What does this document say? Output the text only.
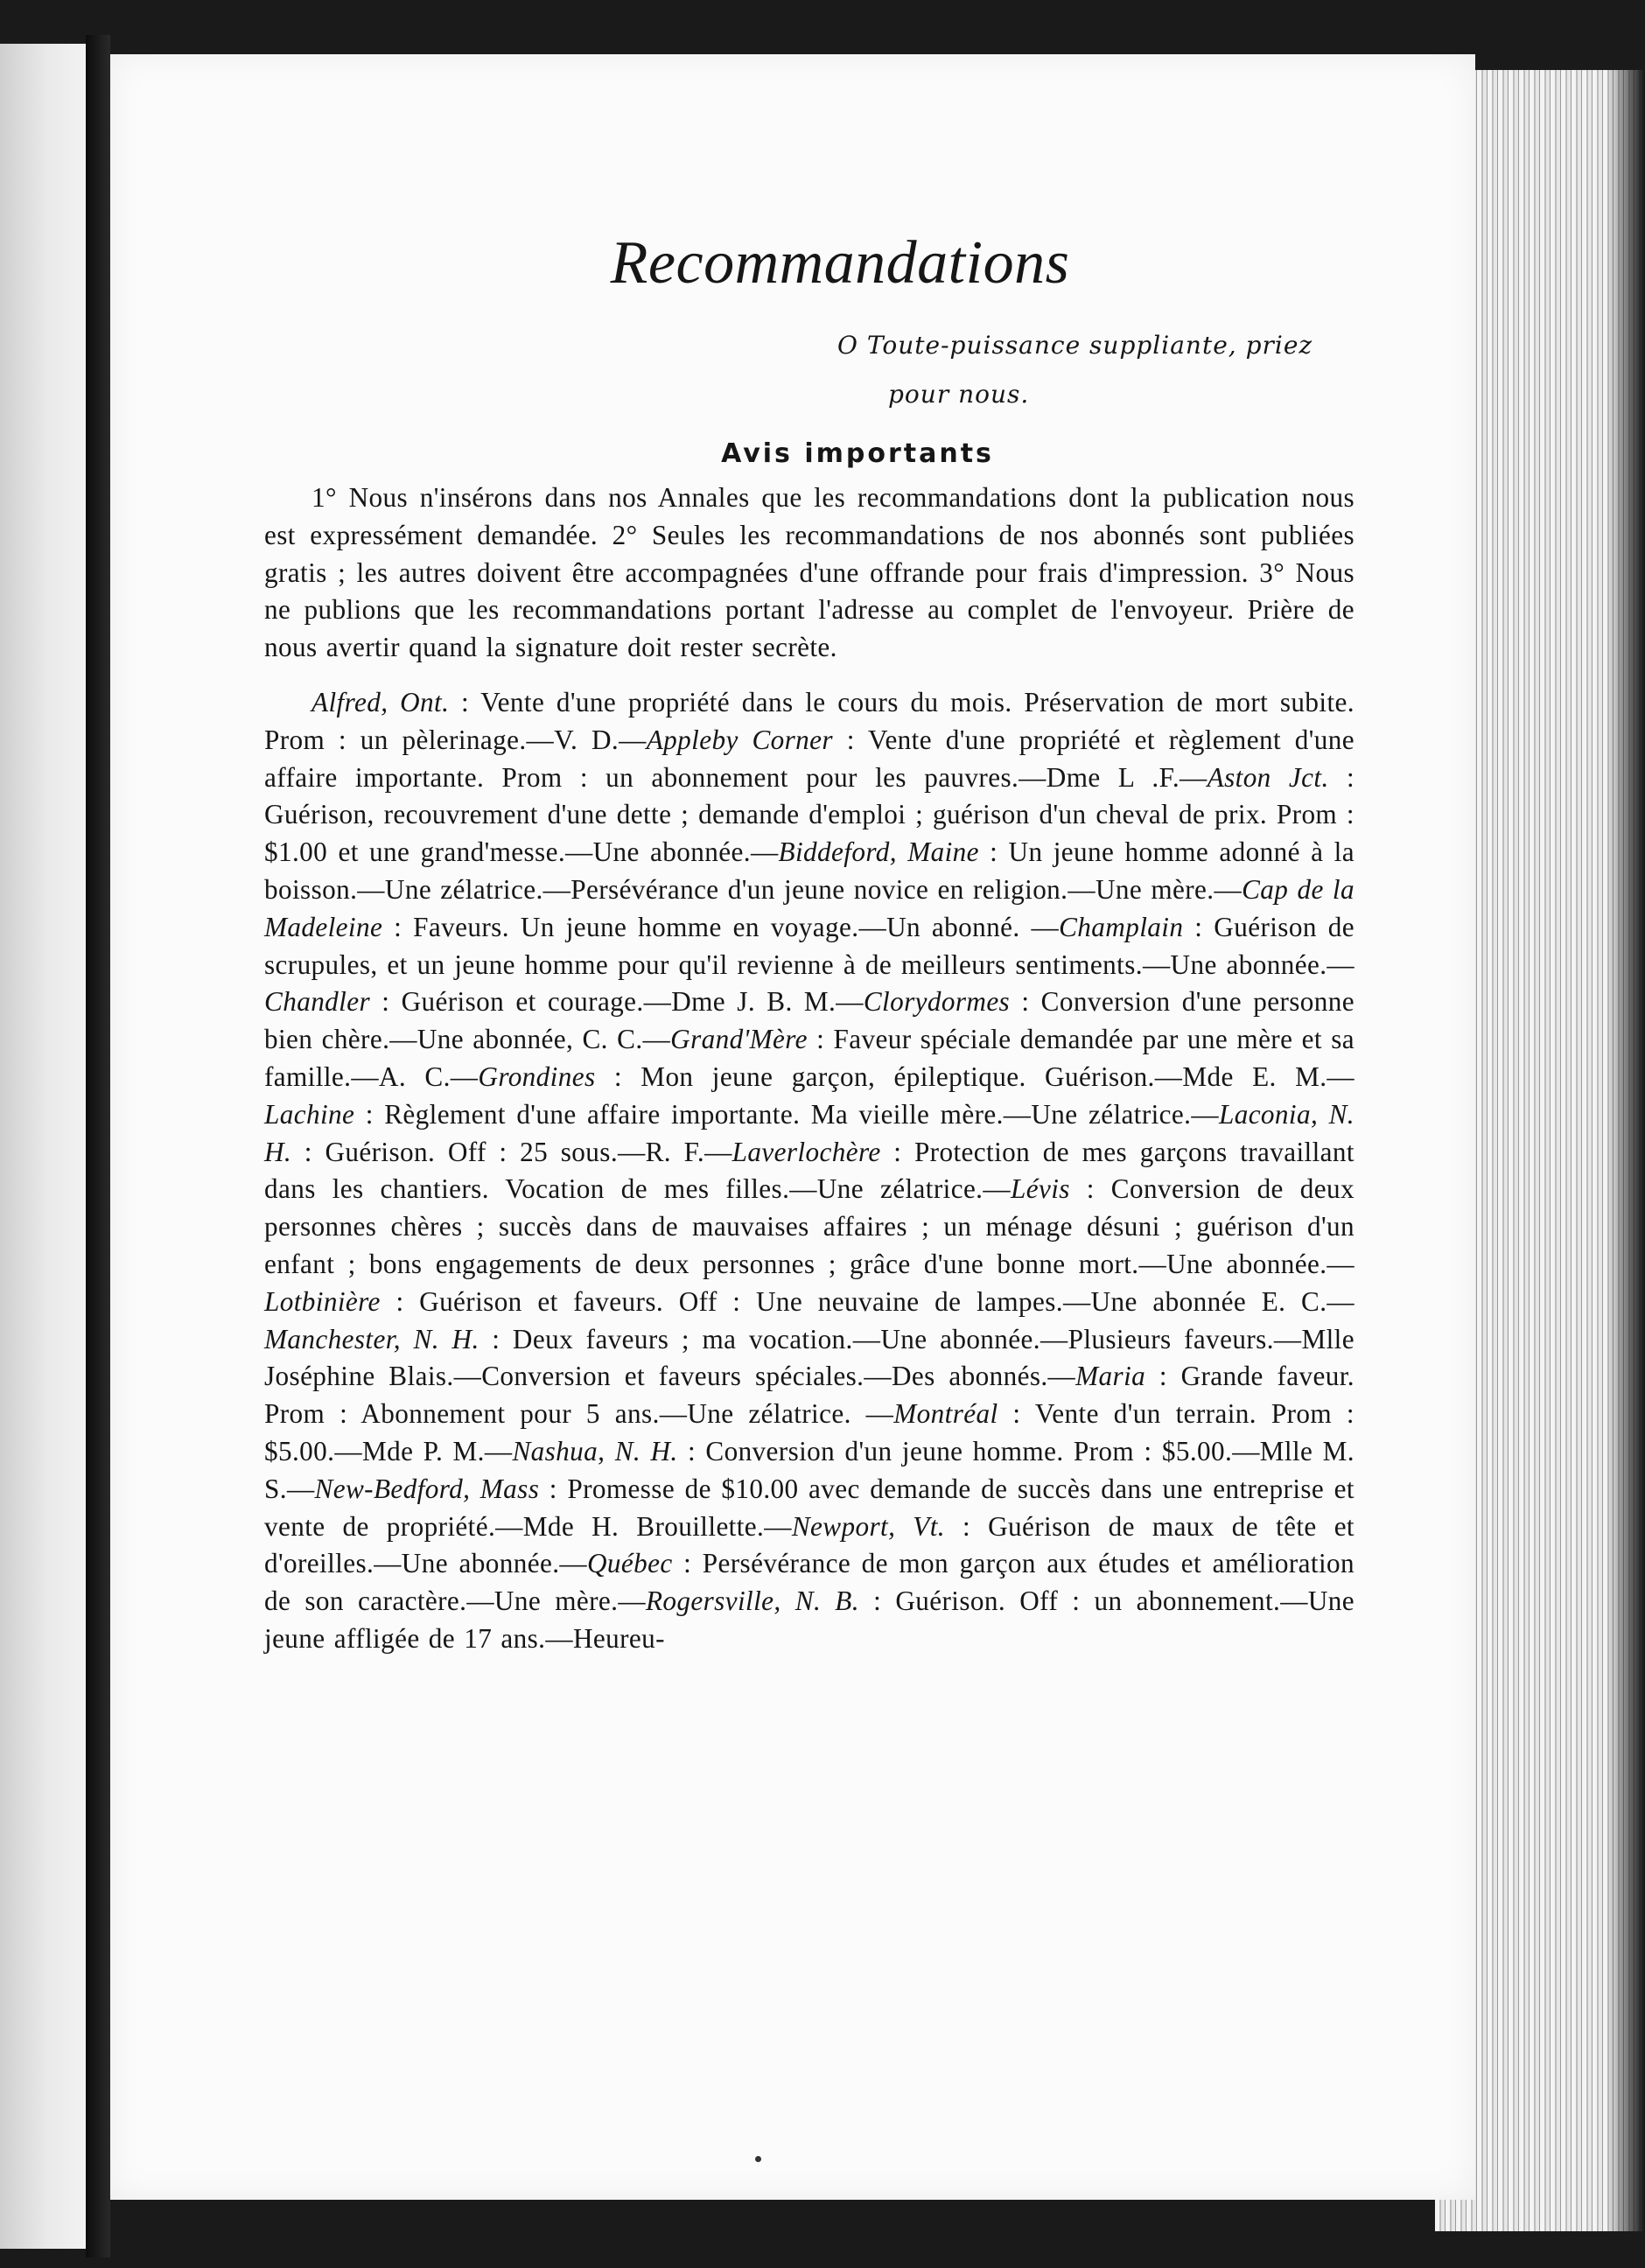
Recommandations
O Toute-puissance suppliante, priez
pour nous.
Avis importants

1° Nous n'insérons dans nos Annales que les recommandations dont la publication nous est expressément demandée. 2° Seules les recommandations de nos abonnés sont publiées gratis ; les autres doivent être accompagnées d'une offrande pour frais d'impression. 3° Nous ne publions que les recommandations portant l'adresse au complet de l'envoyeur. Prière de nous avertir quand la signature doit rester secrète.

Alfred, Ont. : Vente d'une propriété dans le cours du mois. Préservation de mort subite. Prom : un pèlerinage.—V. D.—Appleby Corner : Vente d'une propriété et règlement d'une affaire importante. Prom : un abonnement pour les pauvres.—Dme L .F.—Aston Jct. : Guérison, recouvrement d'une dette ; demande d'emploi ; guérison d'un cheval de prix. Prom : $1.00 et une grand'messe.—Une abonnée.—Biddeford, Maine : Un jeune homme adonné à la boisson.—Une zélatrice.—Persévérance d'un jeune novice en religion.—Une mère.—Cap de la Madeleine : Faveurs. Un jeune homme en voyage.—Un abonné. —Champlain : Guérison de scrupules, et un jeune homme pour qu'il revienne à de meilleurs sentiments.—Une abonnée.—Chandler : Guérison et courage.—Dme J. B. M.—Clorydormes : Conversion d'une personne bien chère.—Une abonnée, C. C.—Grand'Mère : Faveur spéciale demandée par une mère et sa famille.—A. C.—Grondines : Mon jeune garçon, épileptique. Guérison.—Mde E. M.—Lachine : Règlement d'une affaire importante. Ma vieille mère.—Une zélatrice.—Laconia, N. H. : Guérison. Off : 25 sous.—R. F.—Laverlochère : Protection de mes garçons travaillant dans les chantiers. Vocation de mes filles.—Une zélatrice.—Lévis : Conversion de deux personnes chères ; succès dans de mauvaises affaires ; un ménage désuni ; guérison d'un enfant ; bons engagements de deux personnes ; grâce d'une bonne mort.—Une abonnée.—Lotbinière : Guérison et faveurs. Off : Une neuvaine de lampes.—Une abonnée E. C.—Manchester, N. H. : Deux faveurs ; ma vocation.—Une abonnée.—Plusieurs faveurs.—Mlle Joséphine Blais.—Conversion et faveurs spéciales.—Des abonnés.—Maria : Grande faveur. Prom : Abonnement pour 5 ans.—Une zélatrice. —Montréal : Vente d'un terrain. Prom : $5.00.—Mde P. M.—Nashua, N. H. : Conversion d'un jeune homme. Prom : $5.00.—Mlle M. S.—New-Bedford, Mass : Promesse de $10.00 avec demande de succès dans une entreprise et vente de propriété.—Mde H. Brouillette.—Newport, Vt. : Guérison de maux de tête et d'oreilles.—Une abonnée.—Québec : Persévérance de mon garçon aux études et amélioration de son caractère.—Une mère.—Rogersville, N. B. : Guérison. Off : un abonnement.—Une jeune affligée de 17 ans.—Heureu-
